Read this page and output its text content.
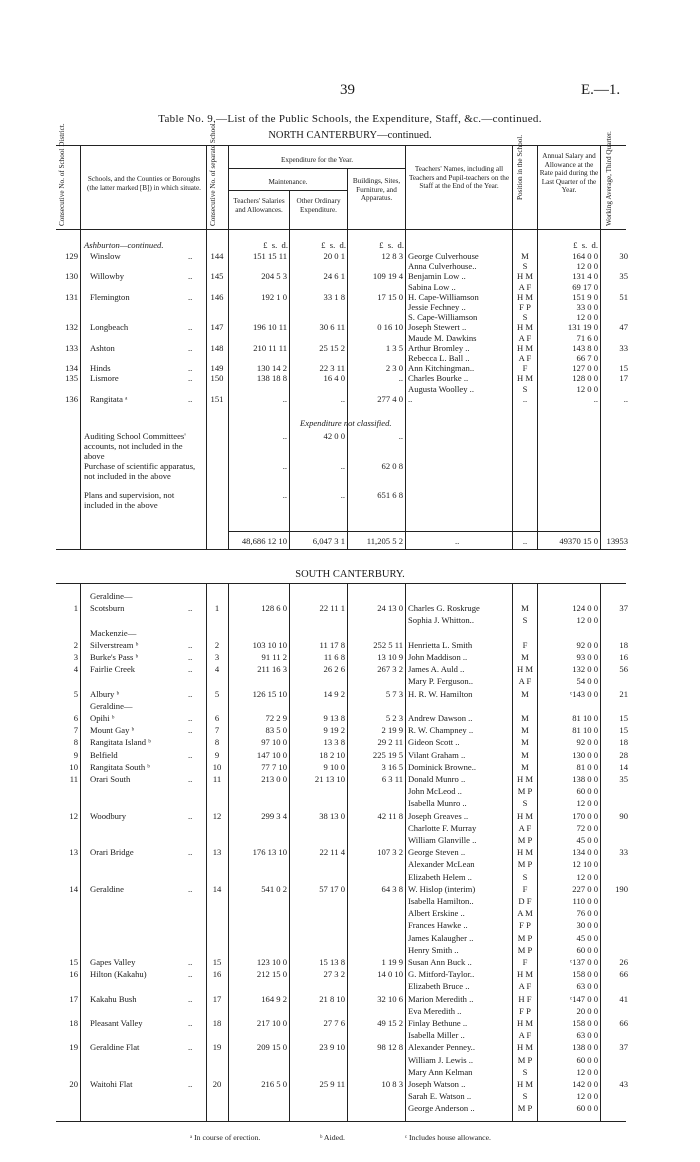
39	E.—1.
Table No. 9.—List of the Public Schools, the Expenditure, Staff, &c.—continued.
NORTH CANTERBURY—continued.
Consecutive No. of School District.	Schools, and the Counties or Boroughs (the latter marked [B]) in which situate.	Consecutive No. of separate School.	Expenditure for the Year.
Maintenance.
Teachers' Salaries and Allowances.
Other Ordinary Expenditure.
Buildings, Sites, Furniture, and Apparatus.
Teachers' Names, including all Teachers and Pupil-teachers on the Staff at the End of the Year.	Position in the School.	Annual Salary and Allowance at the Rate paid during the Last Quarter of the Year.	Working Average, Third Quarter.
£ s. d.	£ s. d.	£ s. d.	£ s. d.
Ashburton—continued.
129 Winslow	..	144	151 15 11	20 0 1	12 8 3 George Culverhouse	M	164 0 0	30
Anna Culverhouse..	S	12 0 0
130 Willowby	..	145	204 5 3	24 6 1	109 19 4 Benjamin Low ..	H M	131 4 0	35
Sabina Low ..	A F	69 17 0
131 Flemington	..	146	192 1 0	33 1 8	17 15 0 H. Cape-Williamson	H M	151 9 0	51
Jessie Fechney ..	F P	33 0 0
S. Cape-Williamson	S	12 0 0
132 Longbeach	..	147	196 10 11	30 6 11	0 16 10 Joseph Stewert ..	H M	131 19 0	47
Maude M. Dawkins	A F	71 6 0
133 Ashton	..	148	210 11 11	25 15 2	1 3 5 Arthur Bromley ..	H M	143 8 0	33
Rebecca L. Ball ..	A F	66 7 0
134 Hinds	..	149	130 14 2	22 3 11	2 3 0 Ann Kitchingman..	F	127 0 0	15
135 Lismore	..	150	138 18 8	16 4 0	.. Charles Bourke ..	H M	128 0 0	17
Augusta Woolley ..	S	12 0 0
136 Rangitata ᵃ	..	151	..	..	277 4 0 ..	..	..	..
Expenditure not classified.
Auditing School Committees' accounts, not included in the above
..	42 0 0	..
Purchase of scientific apparatus, not included in the above
..	..	62 0 8
Plans and supervision, not included in the above
..	..	651 6 8
48,686 12 10	6,047 3 1	11,205 5 2	..	..	49370 15 0 13953
SOUTH CANTERBURY.
Geraldine—
1 Scotsburn	..	1	128 6 0	22 11 1	24 13 0 Charles G. Roskruge	M	124 0 0	37
Sophia J. Whitton..	S	12 0 0
Mackenzie—
2 Silverstream ᵇ	..	2	103 10 10	11 17 8	252 5 11 Henrietta L. Smith	F	92 0 0	18
3 Burke's Pass ᵇ	..	3	91 11 2	11 6 8	13 10 9 John Maddison ..	M	93 0 0	16
4 Fairlie Creek	..	4	211 16 3	26 2 6	267 3 2 James A. Auld ..	H M	132 0 0	56
Mary P. Ferguson..	A F	54 0 0
5 Albury ᵇ	..	5	126 15 10	14 9 2	5 7 3 H. R. W. Hamilton	M	ᶜ143 0 0	21
Geraldine—
6 Opihi ᵇ	..	6	72 2 9	9 13 8	5 2 3 Andrew Dawson ..	M	81 10 0	15
7 Mount Gay ᵇ	..	7	83 5 0	9 19 2	2 19 9 R. W. Champney ..	M	81 10 0	15
8 Rangitata Island ᵇ	8	97 10 0	13 3 8	29 2 11 Gideon Scott ..	M	92 0 0	18
9 Belfield	..	9	147 10 0	18 2 10	225 19 5 Vilant Graham ..	M	130 0 0	28
10 Rangitata South ᵇ	10	77 7 10	9 10 0	3 16 5 Dominick Browne..	M	81 0 0	14
11 Orari South	..	11	213 0 0	21 13 10	6 3 11 Donald Munro ..	H M	138 0 0	35
John McLeod ..	M P	60 0 0
Isabella Munro ..	S	12 0 0
12 Woodbury	..	12	299 3 4	38 13 0	42 11 8 Joseph Greaves ..	H M	170 0 0	90
Charlotte F. Murray	A F	72 0 0
William Glanville ..	M P	45 0 0
13 Orari Bridge	..	13	176 13 10	22 11 4	107 3 2 George Steven ..	H M	134 0 0	33
Alexander McLean	M P	12 10 0
Elizabeth Helem ..	S	12 0 0
14 Geraldine	..	14	541 0 2	57 17 0	64 3 8 W. Hislop (interim)	F	227 0 0	190
Isabella Hamilton..	D F	110 0 0
Albert Erskine ..	A M	76 0 0
Frances Hawke ..	F P	30 0 0
James Kalaugher ..	M P	45 0 0
Henry Smith ..	M P	60 0 0
15 Gapes Valley	..	15	123 10 0	15 13 8	1 19 9 Susan Ann Buck ..	F	ᶜ137 0 0	26
16 Hilton (Kakahu)	..	16	212 15 0	27 3 2	14 0 10 G. Mitford-Taylor..	H M	158 0 0	66
Elizabeth Bruce ..	A F	63 0 0
17 Kakahu Bush	..	17	164 9 2	21 8 10	32 10 6 Marion Meredith ..	H F	ᶜ147 0 0	41
Eva Meredith ..	F P	20 0 0
18 Pleasant Valley	..	18	217 10 0	27 7 6	49 15 2 Finlay Bethune ..	H M	158 0 0	66
Isabella Miller ..	A F	63 0 0
19 Geraldine Flat	..	19	209 15 0	23 9 10	98 12 8 Alexander Penney..	H M	138 0 0	37
William J. Lewis ..	M P	60 0 0
Mary Ann Kelman	S	12 0 0
20 Waitohi Flat	..	20	216 5 0	25 9 11	10 8 3 Joseph Watson ..	H M	142 0 0	43
Sarah E. Watson ..	S	12 0 0
George Anderson ..	M P	60 0 0
ᵃ In course of erection.	ᵇ Aided.	ᶜ Includes house allowance.
